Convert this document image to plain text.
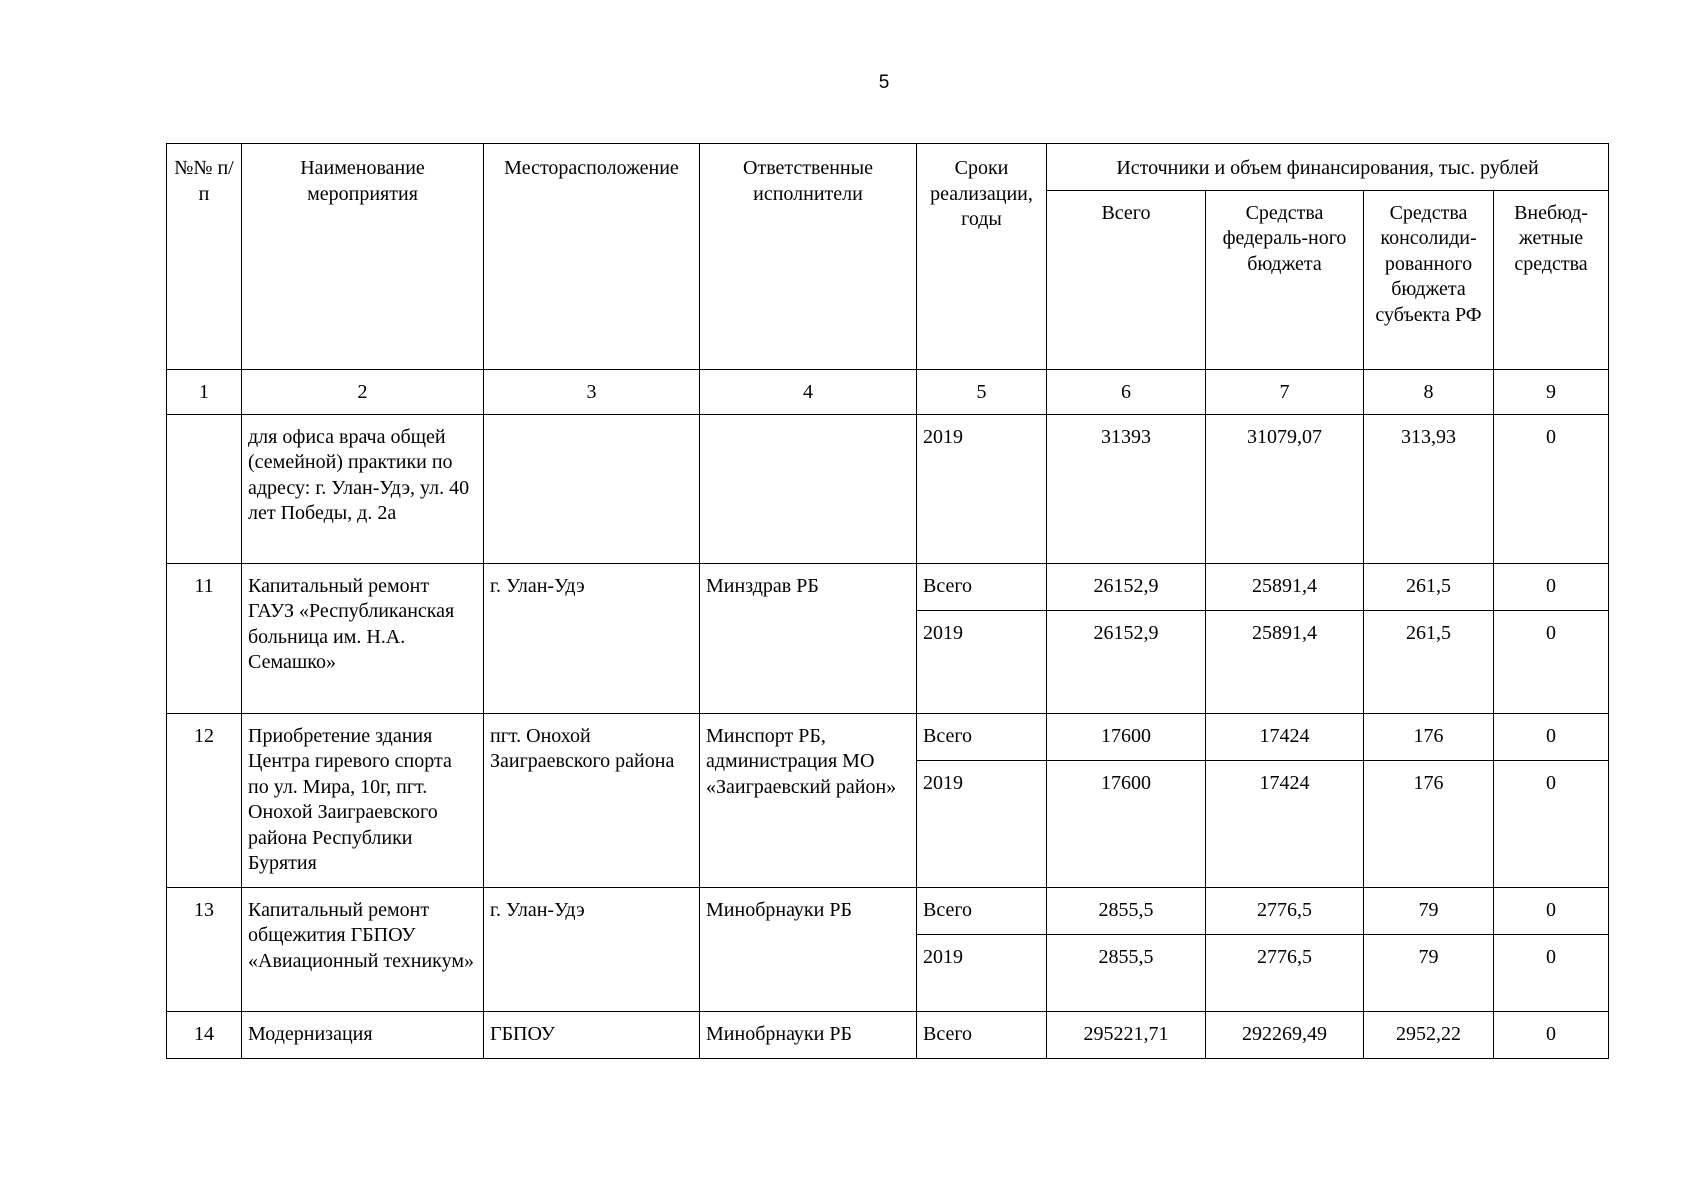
5
№№ п/п	Наименование мероприятия	Месторасположение	Ответственные исполнители	Сроки реализации, годы	Источники и объем финансирования, тыс. рублей			
					Всего	Средства федераль-ного бюджета	Средства консолиди-рованного бюджета субъекта РФ	Внебюд-жетные средства
1	2	3	4	5	6	7	8	9
	для офиса врача общей (семейной) практики по адресу: г. Улан-Удэ, ул. 40 лет Победы, д. 2а			2019	31393	31079,07	313,93	0
11	Капитальный ремонт ГАУЗ «Республиканская больница им. Н.А. Семашко»	г. Улан-Удэ	Минздрав РБ	Всего	26152,9	25891,4	261,5	0
				2019	26152,9	25891,4	261,5	0
12	Приобретение здания Центра гиревого спорта по ул. Мира, 10г, пгт. Онохой Заиграевского района Республики Бурятия	пгт. Онохой Заиграевского района	Минспорт РБ, администрация МО «Заиграевский район»	Всего	17600	17424	176	0
				2019	17600	17424	176	0
13	Капитальный ремонт общежития ГБПОУ «Авиационный техникум»	г. Улан-Удэ	Минобрнауки РБ	Всего	2855,5	2776,5	79	0
				2019	2855,5	2776,5	79	0
14	Модернизация	ГБПОУ	Минобрнауки РБ	Всего	295221,71	292269,49	2952,22	0
